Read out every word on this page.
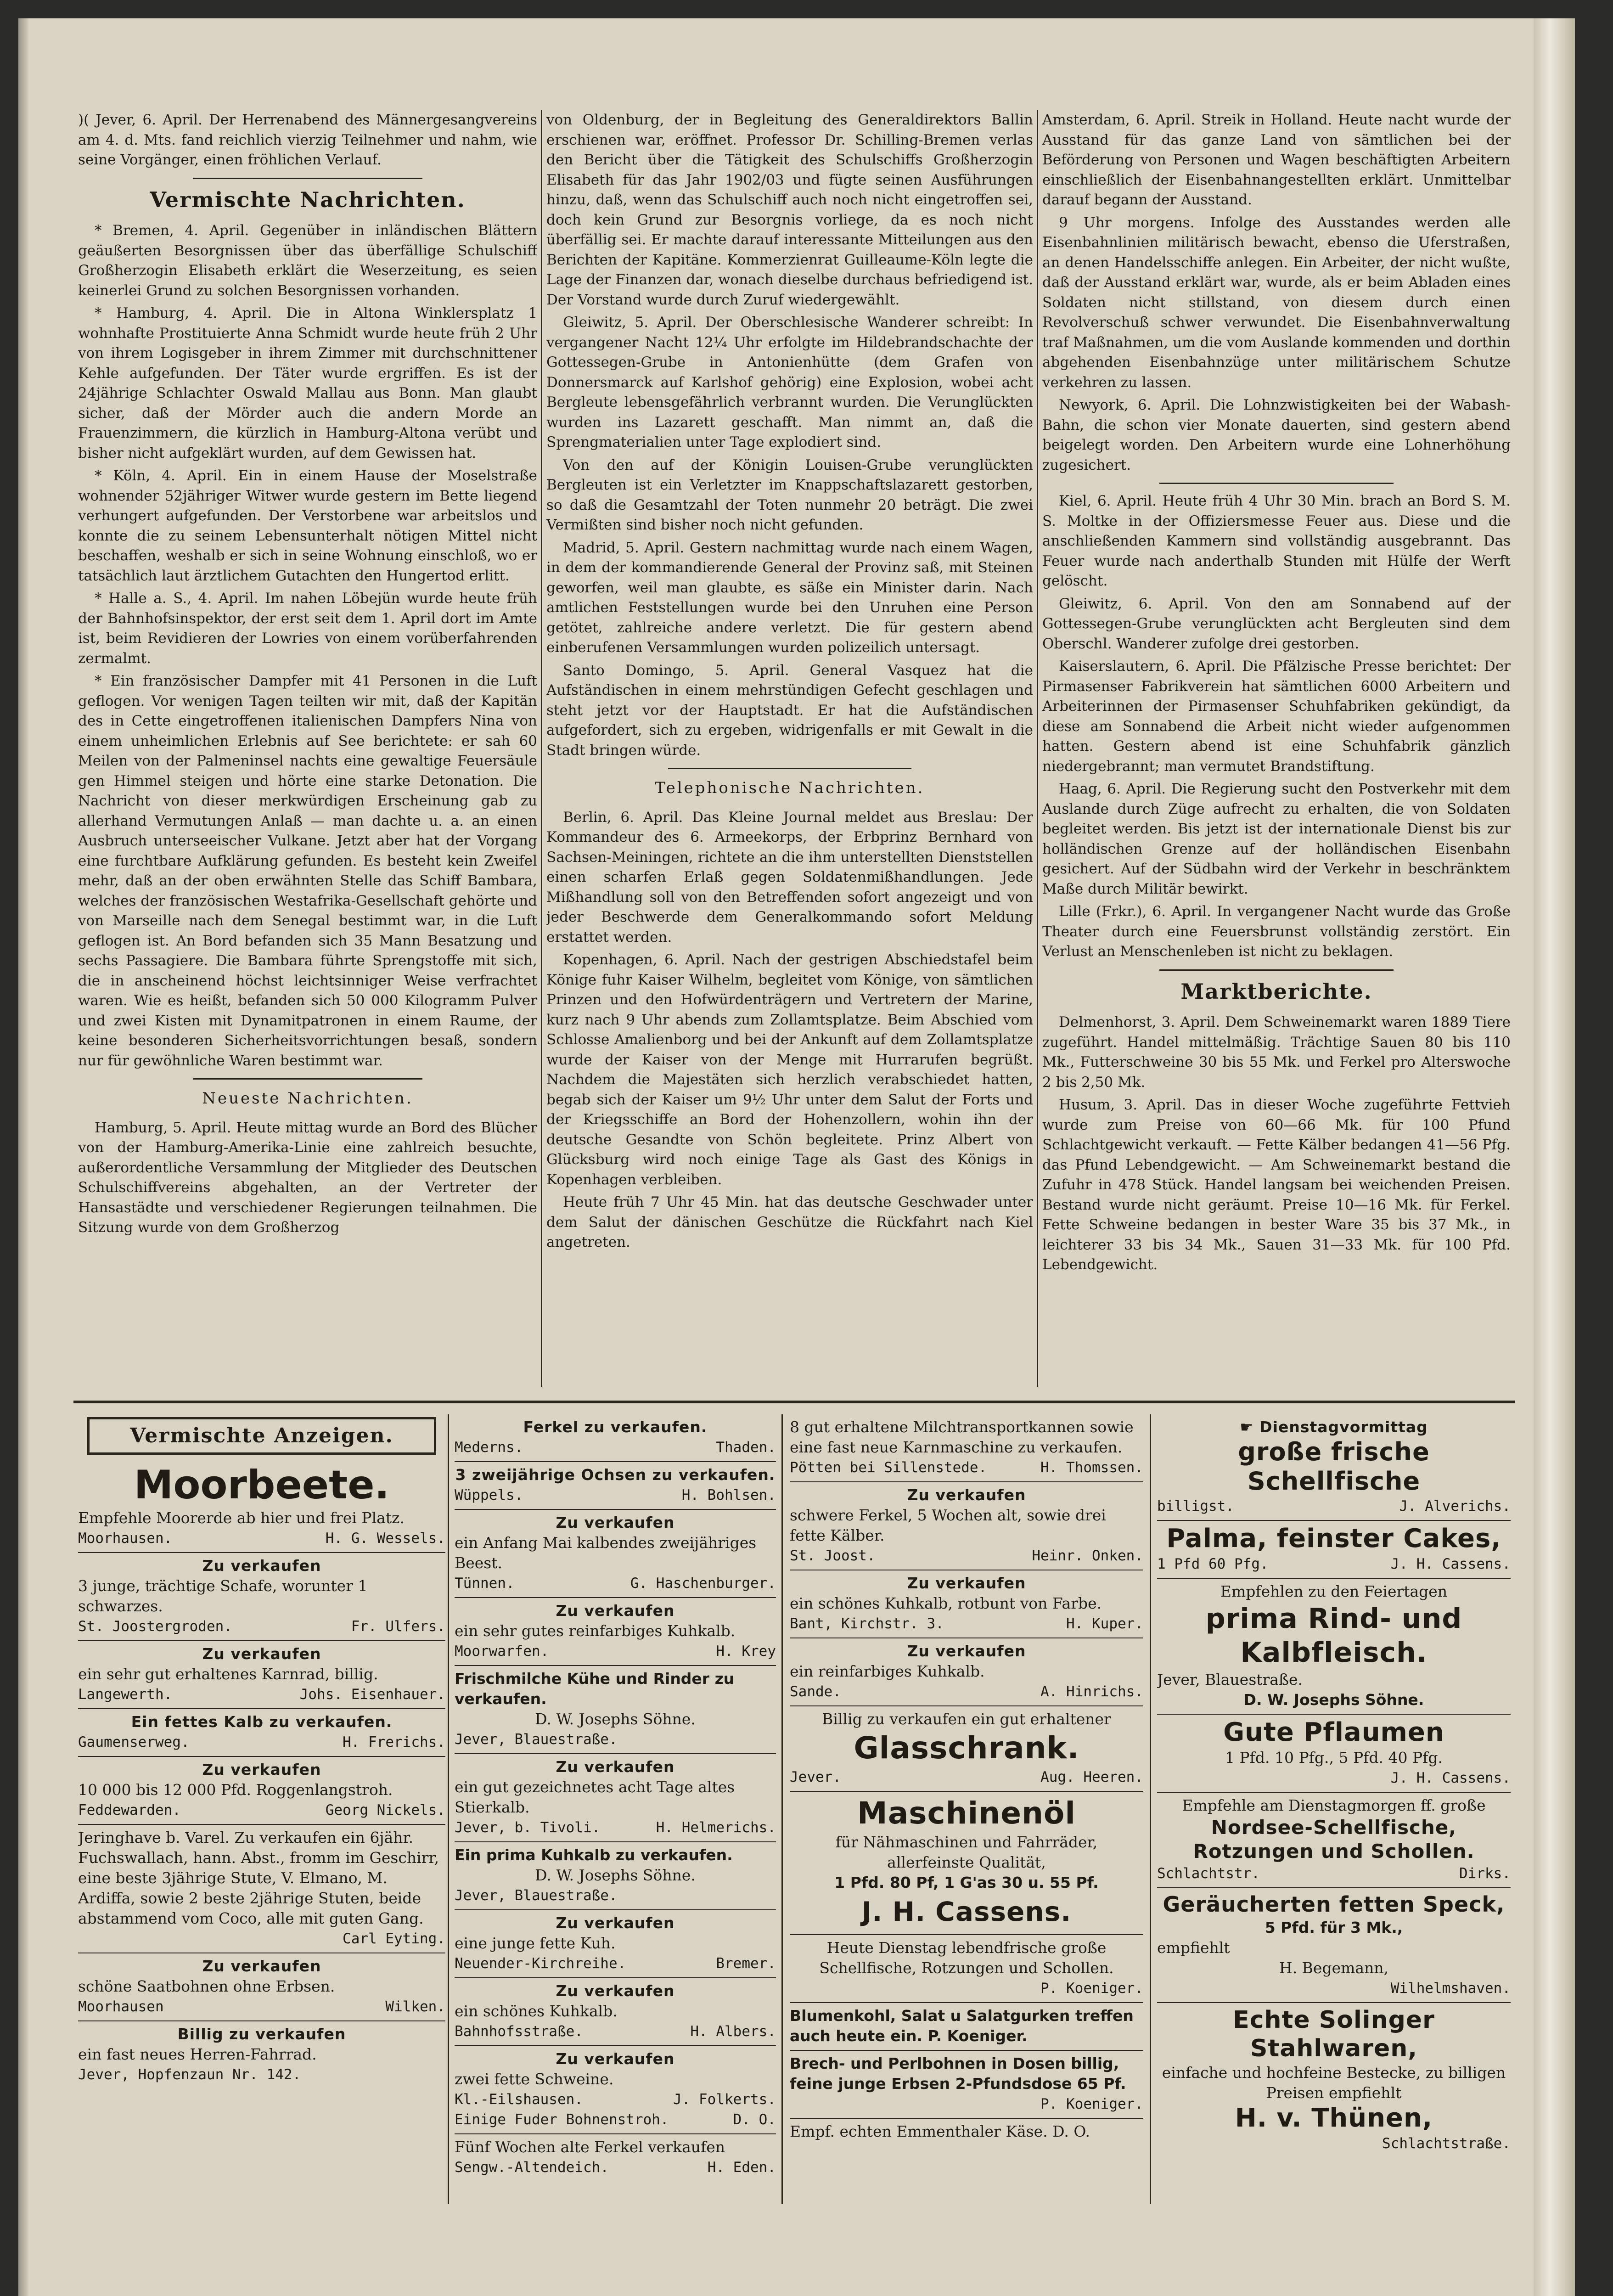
)( Jever, 6. April. Der Herrenabend des Männergesangvereins am 4. d. Mts. fand reichlich vierzig Teilnehmer und nahm, wie seine Vorgänger, einen fröhlichen Verlauf.

Vermischte Nachrichten.

* Bremen, 4. April. Gegenüber in inländischen Blättern geäußerten Besorgnissen über das überfällige Schulschiff Großherzogin Elisabeth erklärt die Weserzeitung, es seien keinerlei Grund zu solchen Besorgnissen vorhanden.

* Hamburg, 4. April. Die in Altona Winklersplatz 1 wohnhafte Prostituierte Anna Schmidt wurde heute früh 2 Uhr von ihrem Logisgeber in ihrem Zimmer mit durchschnittener Kehle aufgefunden. Der Täter wurde ergriffen. Es ist der 24jährige Schlachter Oswald Mallau aus Bonn. Man glaubt sicher, daß der Mörder auch die andern Morde an Frauenzimmern, die kürzlich in Hamburg-Altona verübt und bisher nicht aufgeklärt wurden, auf dem Gewissen hat.

* Köln, 4. April. Ein in einem Hause der Moselstraße wohnender 52jähriger Witwer wurde gestern im Bette liegend verhungert aufgefunden. Der Verstorbene war arbeitslos und konnte die zu seinem Lebensunterhalt nötigen Mittel nicht beschaffen, weshalb er sich in seine Wohnung einschloß, wo er tatsächlich laut ärztlichem Gutachten den Hungertod erlitt.

* Halle a. S., 4. April. Im nahen Löbejün wurde heute früh der Bahnhofsinspektor, der erst seit dem 1. April dort im Amte ist, beim Revidieren der Lowries von einem vorüberfahrenden zermalmt.

* Ein französischer Dampfer mit 41 Personen in die Luft geflogen. Vor wenigen Tagen teilten wir mit, daß der Kapitän des in Cette eingetroffenen italienischen Dampfers Nina von einem unheimlichen Erlebnis auf See berichtete: er sah 60 Meilen von der Palmeninsel nachts eine gewaltige Feuersäule gen Himmel steigen und hörte eine starke Detonation. Die Nachricht von dieser merkwürdigen Erscheinung gab zu allerhand Vermutungen Anlaß — man dachte u. a. an einen Ausbruch unterseeischer Vulkane. Jetzt aber hat der Vorgang eine furchtbare Aufklärung gefunden. Es besteht kein Zweifel mehr, daß an der oben erwähnten Stelle das Schiff Bambara, welches der französischen Westafrika-Gesellschaft gehörte und von Marseille nach dem Senegal bestimmt war, in die Luft geflogen ist. An Bord befanden sich 35 Mann Besatzung und sechs Passagiere. Die Bambara führte Sprengstoffe mit sich, die in anscheinend höchst leichtsinniger Weise verfrachtet waren. Wie es heißt, befanden sich 50 000 Kilogramm Pulver und zwei Kisten mit Dynamitpatronen in einem Raume, der keine besonderen Sicherheitsvorrichtungen besaß, sondern nur für gewöhnliche Waren bestimmt war.

Neueste Nachrichten.

Hamburg, 5. April. Heute mittag wurde an Bord des Blücher von der Hamburg-Amerika-Linie eine zahlreich besuchte, außerordentliche Versammlung der Mitglieder des Deutschen Schulschiffvereins abgehalten, an der Vertreter der Hansastädte und verschiedener Regierungen teilnahmen. Die Sitzung wurde von dem Großherzog

von Oldenburg, der in Begleitung des Generaldirektors Ballin erschienen war, eröffnet. Professor Dr. Schilling-Bremen verlas den Bericht über die Tätigkeit des Schulschiffs Großherzogin Elisabeth für das Jahr 1902/03 und fügte seinen Ausführungen hinzu, daß, wenn das Schulschiff auch noch nicht eingetroffen sei, doch kein Grund zur Besorgnis vorliege, da es noch nicht überfällig sei. Er machte darauf interessante Mitteilungen aus den Berichten der Kapitäne. Kommerzienrat Guilleaume-Köln legte die Lage der Finanzen dar, wonach dieselbe durchaus befriedigend ist. Der Vorstand wurde durch Zuruf wiedergewählt.

Gleiwitz, 5. April. Der Oberschlesische Wanderer schreibt: In vergangener Nacht 12¼ Uhr erfolgte im Hildebrandschachte der Gottessegen-Grube in Antonienhütte (dem Grafen von Donnersmarck auf Karlshof gehörig) eine Explosion, wobei acht Bergleute lebensgefährlich verbrannt wurden. Die Verunglückten wurden ins Lazarett geschafft. Man nimmt an, daß die Sprengmaterialien unter Tage explodiert sind.

Von den auf der Königin Louisen-Grube verunglückten Bergleuten ist ein Verletzter im Knappschaftslazarett gestorben, so daß die Gesamtzahl der Toten nunmehr 20 beträgt. Die zwei Vermißten sind bisher noch nicht gefunden.

Madrid, 5. April. Gestern nachmittag wurde nach einem Wagen, in dem der kommandierende General der Provinz saß, mit Steinen geworfen, weil man glaubte, es säße ein Minister darin. Nach amtlichen Feststellungen wurde bei den Unruhen eine Person getötet, zahlreiche andere verletzt. Die für gestern abend einberufenen Versammlungen wurden polizeilich untersagt.

Santo Domingo, 5. April. General Vasquez hat die Aufständischen in einem mehrstündigen Gefecht geschlagen und steht jetzt vor der Hauptstadt. Er hat die Aufständischen aufgefordert, sich zu ergeben, widrigenfalls er mit Gewalt in die Stadt bringen würde.

Telephonische Nachrichten.

Berlin, 6. April. Das Kleine Journal meldet aus Breslau: Der Kommandeur des 6. Armeekorps, der Erbprinz Bernhard von Sachsen-Meiningen, richtete an die ihm unterstellten Dienststellen einen scharfen Erlaß gegen Soldatenmißhandlungen. Jede Mißhandlung soll von den Betreffenden sofort angezeigt und von jeder Beschwerde dem Generalkommando sofort Meldung erstattet werden.

Kopenhagen, 6. April. Nach der gestrigen Abschiedstafel beim Könige fuhr Kaiser Wilhelm, begleitet vom Könige, von sämtlichen Prinzen und den Hofwürdenträgern und Vertretern der Marine, kurz nach 9 Uhr abends zum Zollamtsplatze. Beim Abschied vom Schlosse Amalienborg und bei der Ankunft auf dem Zollamtsplatze wurde der Kaiser von der Menge mit Hurrarufen begrüßt. Nachdem die Majestäten sich herzlich verabschiedet hatten, begab sich der Kaiser um 9½ Uhr unter dem Salut der Forts und der Kriegsschiffe an Bord der Hohenzollern, wohin ihn der deutsche Gesandte von Schön begleitete. Prinz Albert von Glücksburg wird noch einige Tage als Gast des Königs in Kopenhagen verbleiben.

Heute früh 7 Uhr 45 Min. hat das deutsche Geschwader unter dem Salut der dänischen Geschütze die Rückfahrt nach Kiel angetreten.

Amsterdam, 6. April. Streik in Holland. Heute nacht wurde der Ausstand für das ganze Land von sämtlichen bei der Beförderung von Personen und Wagen beschäftigten Arbeitern einschließlich der Eisenbahnangestellten erklärt. Unmittelbar darauf begann der Ausstand.

9 Uhr morgens. Infolge des Ausstandes werden alle Eisenbahnlinien militärisch bewacht, ebenso die Uferstraßen, an denen Handelsschiffe anlegen. Ein Arbeiter, der nicht wußte, daß der Ausstand erklärt war, wurde, als er beim Abladen eines Soldaten nicht stillstand, von diesem durch einen Revolverschuß schwer verwundet. Die Eisenbahnverwaltung traf Maßnahmen, um die vom Auslande kommenden und dorthin abgehenden Eisenbahnzüge unter militärischem Schutze verkehren zu lassen.

Newyork, 6. April. Die Lohnzwistigkeiten bei der Wabash-Bahn, die schon vier Monate dauerten, sind gestern abend beigelegt worden. Den Arbeitern wurde eine Lohnerhöhung zugesichert.

Kiel, 6. April. Heute früh 4 Uhr 30 Min. brach an Bord S. M. S. Moltke in der Offiziersmesse Feuer aus. Diese und die anschließenden Kammern sind vollständig ausgebrannt. Das Feuer wurde nach anderthalb Stunden mit Hülfe der Werft gelöscht.

Gleiwitz, 6. April. Von den am Sonnabend auf der Gottessegen-Grube verunglückten acht Bergleuten sind dem Oberschl. Wanderer zufolge drei gestorben.

Kaiserslautern, 6. April. Die Pfälzische Presse berichtet: Der Pirmasenser Fabrikverein hat sämtlichen 6000 Arbeitern und Arbeiterinnen der Pirmasenser Schuhfabriken gekündigt, da diese am Sonnabend die Arbeit nicht wieder aufgenommen hatten. Gestern abend ist eine Schuhfabrik gänzlich niedergebrannt; man vermutet Brandstiftung.

Haag, 6. April. Die Regierung sucht den Postverkehr mit dem Auslande durch Züge aufrecht zu erhalten, die von Soldaten begleitet werden. Bis jetzt ist der internationale Dienst bis zur holländischen Grenze auf der holländischen Eisenbahn gesichert. Auf der Südbahn wird der Verkehr in beschränktem Maße durch Militär bewirkt.

Lille (Frkr.), 6. April. In vergangener Nacht wurde das Große Theater durch eine Feuersbrunst vollständig zerstört. Ein Verlust an Menschenleben ist nicht zu beklagen.

Marktberichte.

Delmenhorst, 3. April. Dem Schweinemarkt waren 1889 Tiere zugeführt. Handel mittelmäßig. Trächtige Sauen 80 bis 110 Mk., Futterschweine 30 bis 55 Mk. und Ferkel pro Alterswoche 2 bis 2,50 Mk.

Husum, 3. April. Das in dieser Woche zugeführte Fettvieh wurde zum Preise von 60—66 Mk. für 100 Pfund Schlachtgewicht verkauft. — Fette Kälber bedangen 41—56 Pfg. das Pfund Lebendgewicht. — Am Schweinemarkt bestand die Zufuhr in 478 Stück. Handel langsam bei weichenden Preisen. Bestand wurde nicht geräumt. Preise 10—16 Mk. für Ferkel. Fette Schweine bedangen in bester Ware 35 bis 37 Mk., in leichterer 33 bis 34 Mk., Sauen 31—33 Mk. für 100 Pfd. Lebendgewicht.

Vermischte Anzeigen.
Moorbeete.
Empfehle Moorerde ab hier und frei Platz.
Moorhausen.	H. G. Wessels.
Zu verkaufen
3 junge, trächtige Schafe, worunter 1 schwarzes.
St. Joostergroden.	Fr. Ulfers.
Zu verkaufen
ein sehr gut erhaltenes Karnrad, billig.
Langewerth.	Johs. Eisenhauer.
Ein fettes Kalb zu verkaufen.
Gaumenserweg.	H. Frerichs.
Zu verkaufen
10 000 bis 12 000 Pfd. Roggenlangstroh.
Feddewarden.	Georg Nickels.
Jeringhave b. Varel. Zu verkaufen ein 6jähr. Fuchswallach, hann. Abst., fromm im Geschirr, eine beste 3jährige Stute, V. Elmano, M. Ardiffa, sowie 2 beste 2jährige Stuten, beide abstammend vom Coco, alle mit guten Gang.
Carl Eyting.
Zu verkaufen
schöne Saatbohnen ohne Erbsen.
Moorhausen	Wilken.
Billig zu verkaufen
ein fast neues Herren-Fahrrad.
Jever, Hopfenzaun Nr. 142.
Ferkel zu verkaufen.
Mederns.	Thaden.
3 zweijährige Ochsen zu verkaufen.
Wüppels.	H. Bohlsen.
Zu verkaufen
ein Anfang Mai kalbendes zweijähriges Beest.
Tünnen.	G. Haschenburger.
Zu verkaufen
ein sehr gutes reinfarbiges Kuhkalb.
Moorwarfen.	H. Krey
Frischmilche Kühe und Rinder zu verkaufen.
D. W. Josephs Söhne.
Jever, Blauestraße.
Zu verkaufen
ein gut gezeichnetes acht Tage altes Stierkalb.
Jever, b. Tivoli.	H. Helmerichs.
Ein prima Kuhkalb zu verkaufen.
D. W. Josephs Söhne.
Jever, Blauestraße.
Zu verkaufen
eine junge fette Kuh.
Neuender-Kirchreihe.	Bremer.
Zu verkaufen
ein schönes Kuhkalb.
Bahnhofsstraße.	H. Albers.
Zu verkaufen
zwei fette Schweine.
Kl.-Eilshausen.	J. Folkerts.
Einige Fuder Bohnenstroh.	D. O.
Fünf Wochen alte Ferkel verkaufen
Sengw.-Altendeich.	H. Eden.
8 gut erhaltene Milchtransportkannen sowie eine fast neue Karnmaschine zu verkaufen.
Pötten bei Sillenstede.	H. Thomssen.
Zu verkaufen
schwere Ferkel, 5 Wochen alt, sowie drei fette Kälber.
St. Joost.	Heinr. Onken.
Zu verkaufen
ein schönes Kuhkalb, rotbunt von Farbe.
Bant, Kirchstr. 3.	H. Kuper.
Zu verkaufen
ein reinfarbiges Kuhkalb.
Sande.	A. Hinrichs.
Billig zu verkaufen ein gut erhaltener
Glasschrank.
Jever.	Aug. Heeren.
Maschinenöl
für Nähmaschinen und Fahrräder, allerfeinste Qualität,
1 Pfd. 80 Pf, 1 G'as 30 u. 55 Pf.
J. H. Cassens.
Heute Dienstag lebendfrische große Schellfische, Rotzungen und Schollen.
P. Koeniger.
Blumenkohl, Salat u Salatgurken treffen auch heute ein. P. Koeniger.
Brech- und Perlbohnen in Dosen billig, feine junge Erbsen 2-Pfundsdose 65 Pf.
P. Koeniger.
Empf. echten Emmenthaler Käse. D. O.
☛ Dienstagvormittag
große frische Schellfische
billigst.	J. Alverichs.
Palma, feinster Cakes,
1 Pfd 60 Pfg.	J. H. Cassens.
Empfehlen zu den Feiertagen
prima Rind- und Kalbfleisch.
Jever, Blauestraße.
D. W. Josephs Söhne.
Gute Pflaumen
1 Pfd. 10 Pfg., 5 Pfd. 40 Pfg.
J. H. Cassens.
Empfehle am Dienstagmorgen ff. große
Nordsee-Schellfische, Rotzungen und Schollen.
Schlachtstr.	Dirks.
Geräucherten fetten Speck,
5 Pfd. für 3 Mk.,
empfiehlt
H. Begemann,
Wilhelmshaven.
Echte Solinger Stahlwaren,
einfache und hochfeine Bestecke, zu billigen Preisen empfiehlt
H. v. Thünen,
Schlachtstraße.
